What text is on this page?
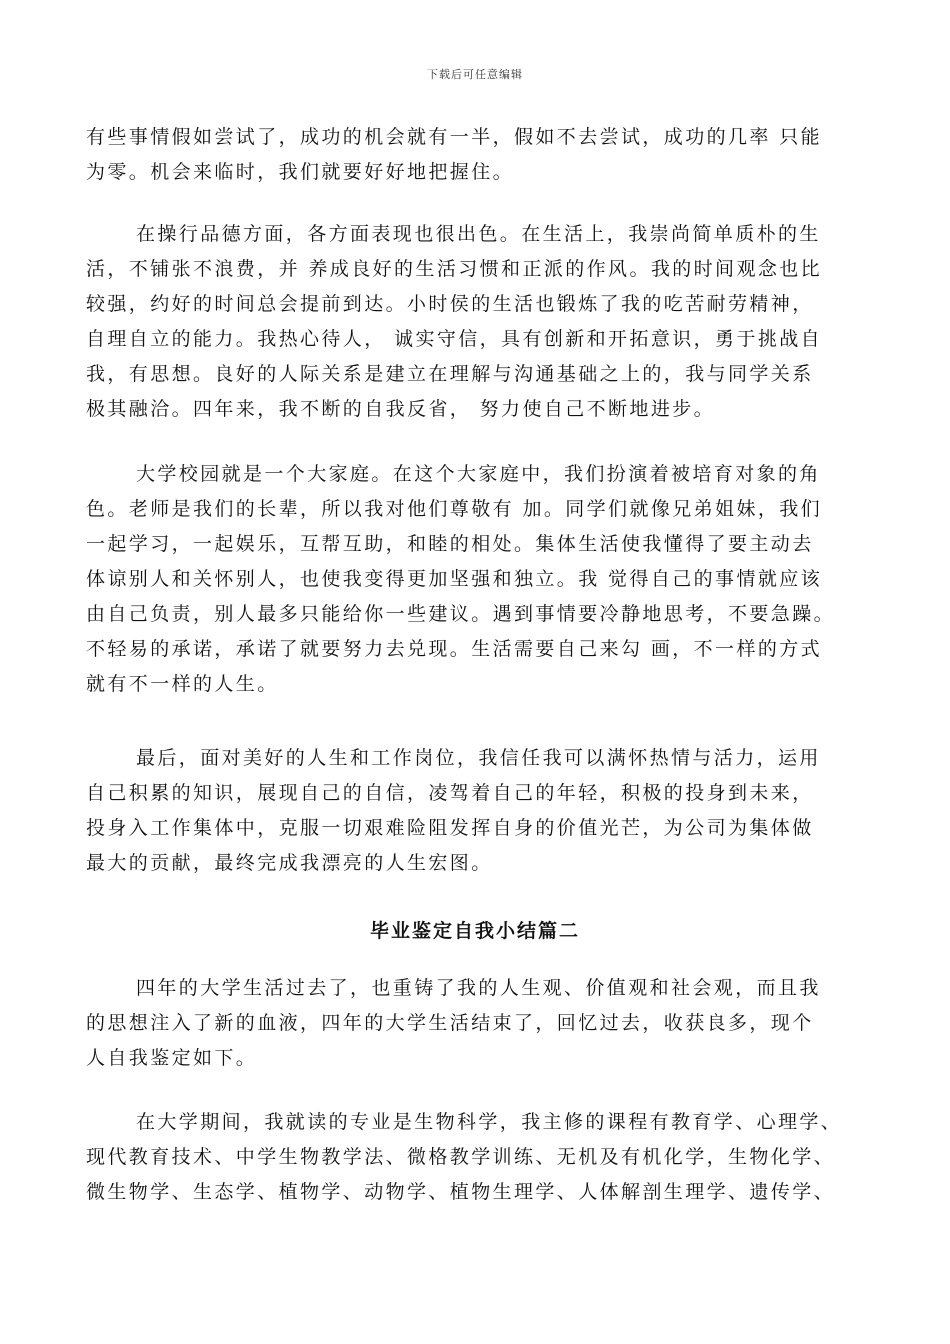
下载后可任意编辑

有些事情假如尝试了，成功的机会就有一半，假如不去尝试，成功的几率 只能
为零。机会来临时，我们就要好好地把握住。

在操行品德方面，各方面表现也很出色。在生活上，我崇尚简单质朴的生
活，不铺张不浪费，并 养成良好的生活习惯和正派的作风。我的时间观念也比
较强，约好的时间总会提前到达。小时侯的生活也锻炼了我的吃苦耐劳精神，
自理自立的能力。我热心待人， 诚实守信，具有创新和开拓意识，勇于挑战自
我，有思想。良好的人际关系是建立在理解与沟通基础之上的，我与同学关系
极其融洽。四年来，我不断的自我反省， 努力使自己不断地进步。

大学校园就是一个大家庭。在这个大家庭中，我们扮演着被培育对象的角
色。老师是我们的长辈，所以我对他们尊敬有 加。同学们就像兄弟姐妹，我们
一起学习，一起娱乐，互帮互助，和睦的相处。集体生活使我懂得了要主动去
体谅别人和关怀别人，也使我变得更加坚强和独立。我 觉得自己的事情就应该
由自己负责，别人最多只能给你一些建议。遇到事情要冷静地思考，不要急躁。
不轻易的承诺，承诺了就要努力去兑现。生活需要自己来勾 画，不一样的方式
就有不一样的人生。

最后，面对美好的人生和工作岗位，我信任我可以满怀热情与活力，运用
自己积累的知识，展现自己的自信，凌驾着自己的年轻，积极的投身到未来，
投身入工作集体中，克服一切艰难险阻发挥自身的价值光芒，为公司为集体做
最大的贡献，最终完成我漂亮的人生宏图。

毕业鉴定自我小结篇二

四年的大学生活过去了，也重铸了我的人生观、价值观和社会观，而且我
的思想注入了新的血液，四年的大学生活结束了，回忆过去，收获良多，现个
人自我鉴定如下。

在大学期间，我就读的专业是生物科学，我主修的课程有教育学、心理学、
现代教育技术、中学生物教学法、微格教学训练、无机及有机化学，生物化学、
微生物学、生态学、植物学、动物学、植物生理学、人体解剖生理学、遗传学、
